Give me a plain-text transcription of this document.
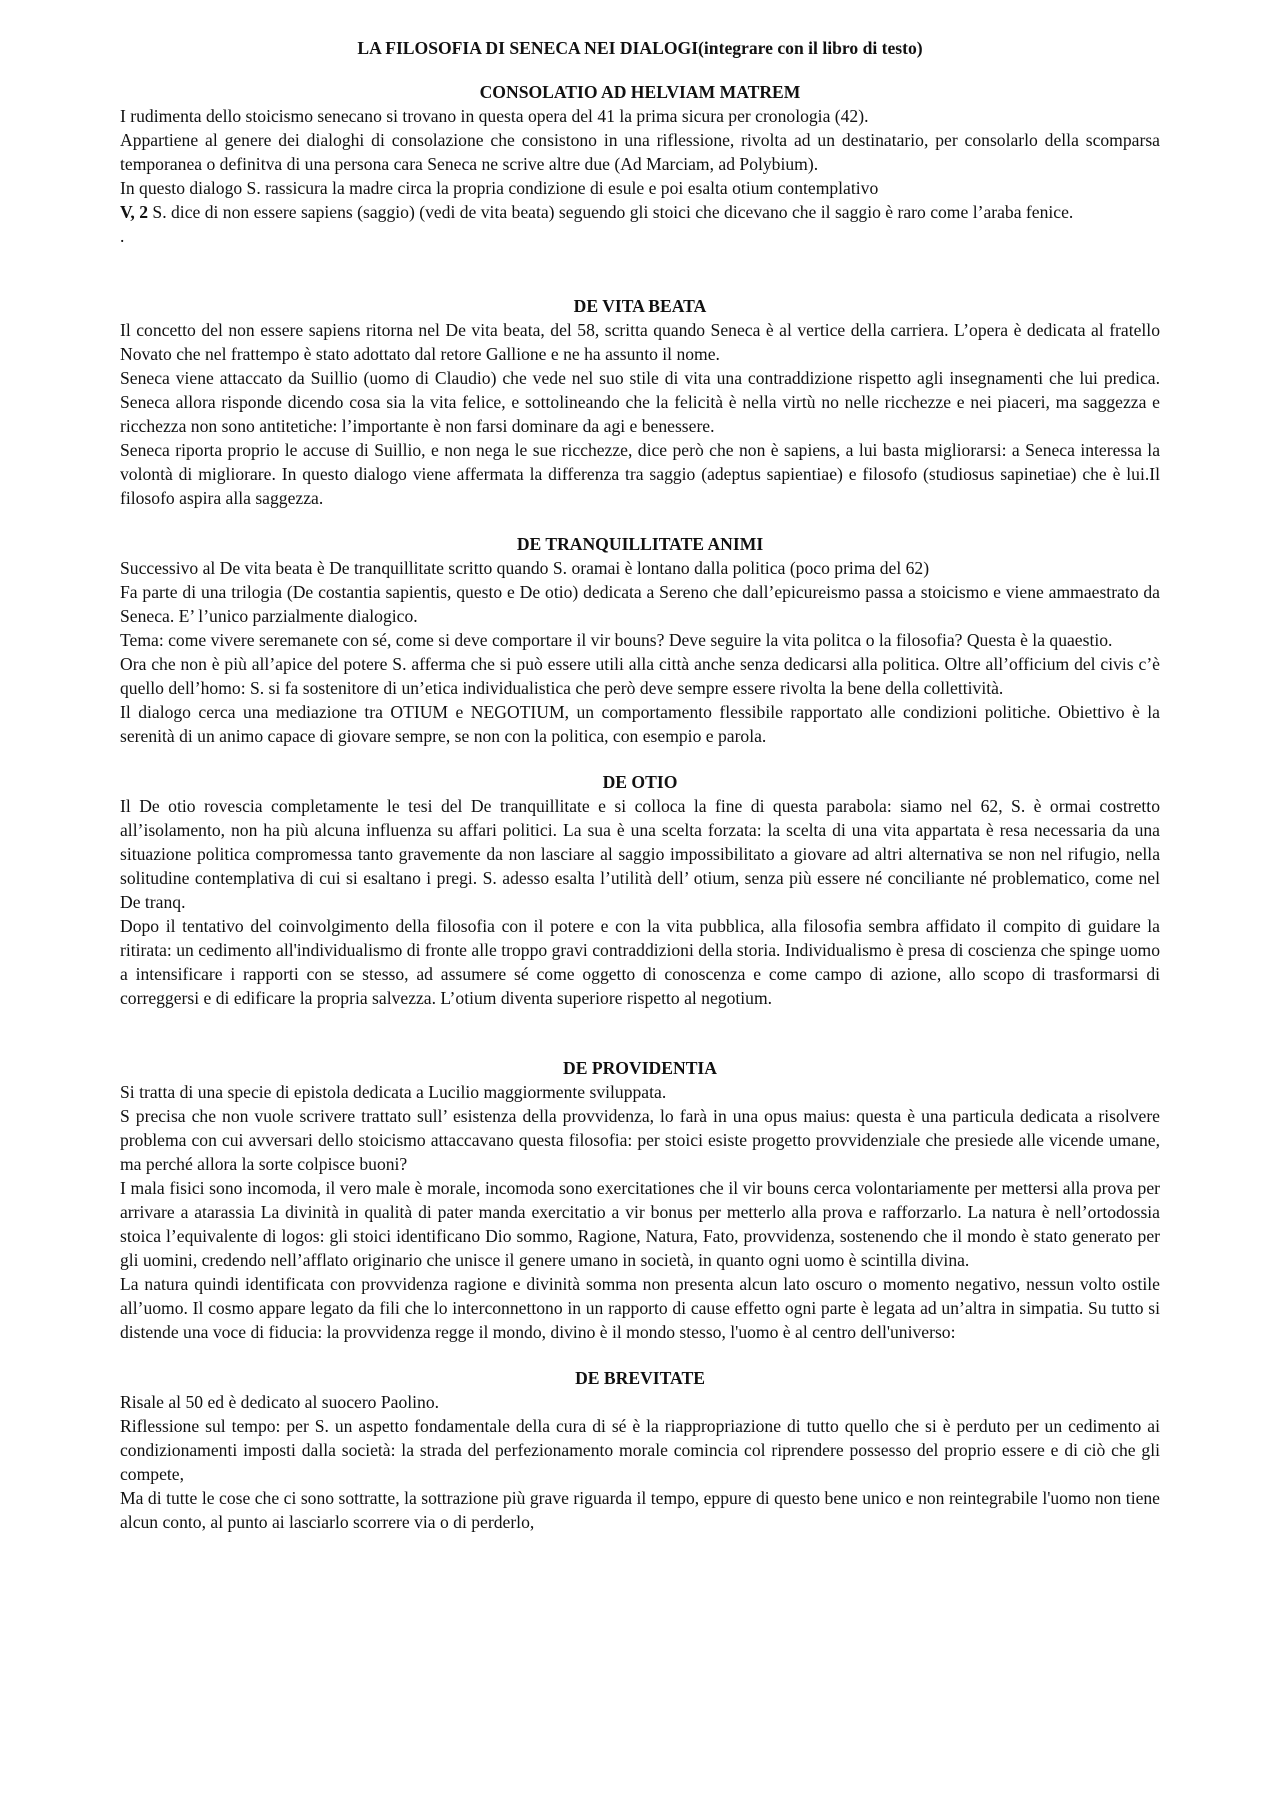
LA FILOSOFIA DI SENECA NEI DIALOGI(integrare con il libro di testo)
CONSOLATIO AD HELVIAM MATREM

I rudimenta dello stoicismo senecano si trovano in questa opera del 41 la prima sicura per cronologia (42).

Appartiene al genere dei dialoghi di consolazione che consistono in una riflessione, rivolta ad un destinatario, per consolarlo della scomparsa temporanea o definitva di una persona cara Seneca ne scrive altre due (Ad Marciam, ad Polybium).

In questo dialogo S. rassicura la madre circa la propria condizione di esule e poi esalta otium contemplativo

V, 2 S. dice di non essere sapiens (saggio) (vedi de vita beata) seguendo gli stoici che dicevano che il saggio è raro come l’araba fenice.

.

DE VITA BEATA

Il concetto del non essere sapiens ritorna nel De vita beata, del 58, scritta quando Seneca è al vertice della carriera. L’opera è dedicata al fratello Novato che nel frattempo è stato adottato dal retore Gallione e ne ha assunto il nome.

Seneca viene attaccato da Suillio (uomo di Claudio) che vede nel suo stile di vita una contraddizione rispetto agli insegnamenti che lui predica. Seneca allora risponde dicendo cosa sia la vita felice, e sottolineando che la felicità è nella virtù no nelle ricchezze e nei piaceri, ma saggezza e ricchezza non sono antitetiche: l’importante è non farsi dominare da agi e benessere.

Seneca riporta proprio le accuse di Suillio, e non nega le sue ricchezze, dice però che non è sapiens, a lui basta migliorarsi: a Seneca interessa la volontà di migliorare. In questo dialogo viene affermata la differenza tra saggio (adeptus sapientiae) e filosofo (studiosus sapinetiae) che è lui.Il filosofo aspira alla saggezza.

DE TRANQUILLITATE ANIMI

Successivo al De vita beata è De tranquillitate scritto quando S. oramai è lontano dalla politica (poco prima del 62)

Fa parte di una trilogia (De costantia sapientis, questo e De otio) dedicata a Sereno che dall’epicureismo passa a stoicismo e viene ammaestrato da Seneca. E’ l’unico parzialmente dialogico.

Tema: come vivere seremanete con sé, come si deve comportare il vir bouns? Deve seguire la vita politca o la filosofia? Questa è la quaestio.

Ora che non è più all’apice del potere S. afferma che si può essere utili alla città anche senza dedicarsi alla politica. Oltre all’officium del civis c’è quello dell’homo: S. si fa sostenitore di un’etica individualistica che però deve sempre essere rivolta la bene della collettività.

Il dialogo cerca una mediazione tra OTIUM e NEGOTIUM, un comportamento flessibile rapportato alle condizioni politiche. Obiettivo è la serenità di un animo capace di giovare sempre, se non con la politica, con esempio e parola.

DE OTIO

Il De otio rovescia completamente le tesi del De tranquillitate e si colloca la fine di questa parabola: siamo nel 62, S. è ormai costretto all’isolamento, non ha più alcuna influenza su affari politici. La sua è una scelta forzata: la scelta di una vita appartata è resa necessaria da una situazione politica compromessa tanto gravemente da non lasciare al saggio impossibilitato a giovare ad altri alternativa se non nel rifugio, nella solitudine contemplativa di cui si esaltano i pregi. S. adesso esalta l’utilità dell’ otium, senza più essere né conciliante né problematico, come nel De tranq.

Dopo il tentativo del coinvolgimento della filosofia con il potere e con la vita pubblica, alla filosofia sembra affidato il compito di guidare la ritirata: un cedimento all'individualismo di fronte alle troppo gravi contraddizioni della storia. Individualismo è presa di coscienza che spinge uomo a intensificare i rapporti con se stesso, ad assumere sé come oggetto di conoscenza e come campo di azione, allo scopo di trasformarsi di correggersi e di edificare la propria salvezza. L’otium diventa superiore rispetto al negotium.

DE PROVIDENTIA

Si tratta di una specie di epistola dedicata a Lucilio maggiormente sviluppata.

S precisa che non vuole scrivere trattato sull’ esistenza della provvidenza, lo farà in una opus maius: questa è una particula dedicata a risolvere problema con cui avversari dello stoicismo attaccavano questa filosofia: per stoici esiste progetto provvidenziale che presiede alle vicende umane, ma perché allora la sorte colpisce buoni?

I mala fisici sono incomoda, il vero male è morale, incomoda sono exercitationes che il vir bouns cerca volontariamente per mettersi alla prova per arrivare a atarassia La divinità in qualità di pater manda exercitatio a vir bonus per metterlo alla prova e rafforzarlo. La natura è nell’ortodossia stoica l’equivalente di logos: gli stoici identificano Dio sommo, Ragione, Natura, Fato, provvidenza, sostenendo che il mondo è stato generato per gli uomini, credendo nell’afflato originario che unisce il genere umano in società, in quanto ogni uomo è scintilla divina.

La natura quindi identificata con provvidenza ragione e divinità somma non presenta alcun lato oscuro o momento negativo, nessun volto ostile all’uomo. Il cosmo appare legato da fili che lo interconnettono in un rapporto di cause effetto ogni parte è legata ad un’altra in simpatia. Su tutto si distende una voce di fiducia: la provvidenza regge il mondo, divino è il mondo stesso, l'uomo è al centro dell'universo:

DE BREVITATE

Risale al 50 ed è dedicato al suocero Paolino.

Riflessione sul tempo: per S. un aspetto fondamentale della cura di sé è la riappropriazione di tutto quello che si è perduto per un cedimento ai condizionamenti imposti dalla società: la strada del perfezionamento morale comincia col riprendere possesso del proprio essere e di ciò che gli compete,

Ma di tutte le cose che ci sono sottratte, la sottrazione più grave riguarda il tempo, eppure di questo bene unico e non reintegrabile l'uomo non tiene alcun conto, al punto ai lasciarlo scorrere via o di perderlo,
